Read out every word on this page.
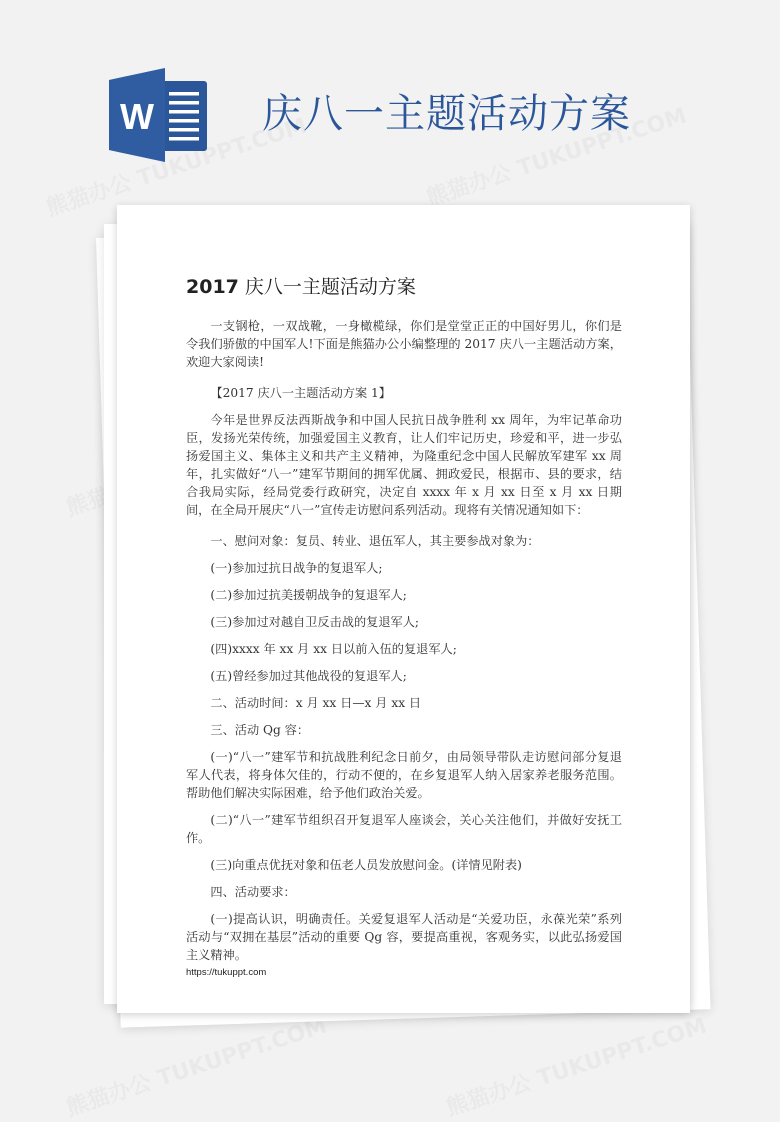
W	庆八一主题活动方案
2017 庆八一主题活动方案

一支钢枪，一双战靴，一身橄榄绿，你们是堂堂正正的中国好男儿，你们是令我们骄傲的中国军人!下面是熊猫办公小编整理的 2017 庆八一主题活动方案，欢迎大家阅读!

【2017 庆八一主题活动方案 1】

今年是世界反法西斯战争和中国人民抗日战争胜利 xx 周年，为牢记革命功臣，发扬光荣传统，加强爱国主义教育，让人们牢记历史，珍爱和平，进一步弘扬爱国主义、集体主义和共产主义精神，为隆重纪念中国人民解放军建军 xx 周年，扎实做好“八一”建军节期间的拥军优属、拥政爱民，根据市、县的要求，结合我局实际，经局党委行政研究，决定自 xxxx 年 x 月 xx 日至 x 月 xx 日期间，在全局开展庆“八一”宣传走访慰问系列活动。现将有关情况通知如下：

一、慰问对象：复员、转业、退伍军人，其主要参战对象为：

(一)参加过抗日战争的复退军人;

(二)参加过抗美援朝战争的复退军人;

(三)参加过对越自卫反击战的复退军人;

(四)xxxx 年 xx 月 xx 日以前入伍的复退军人;

(五)曾经参加过其他战役的复退军人;

二、活动时间：x 月 xx 日—x 月 xx 日

三、活动 Qg 容：

(一)“八一”建军节和抗战胜利纪念日前夕，由局领导带队走访慰问部分复退军人代表，将身体欠佳的，行动不便的，在乡复退军人纳入居家养老服务范围。帮助他们解决实际困难，给予他们政治关爱。

(二)“八一”建军节组织召开复退军人座谈会，关心关注他们，并做好安抚工作。

(三)向重点优抚对象和伍老人员发放慰问金。(详情见附表)

四、活动要求：

(一)提高认识，明确责任。关爱复退军人活动是“关爱功臣，永葆光荣”系列活动与“双拥在基层”活动的重要 Qg 容，要提高重视，客观务实，以此弘扬爱国主义精神。

https://tukuppt.com
